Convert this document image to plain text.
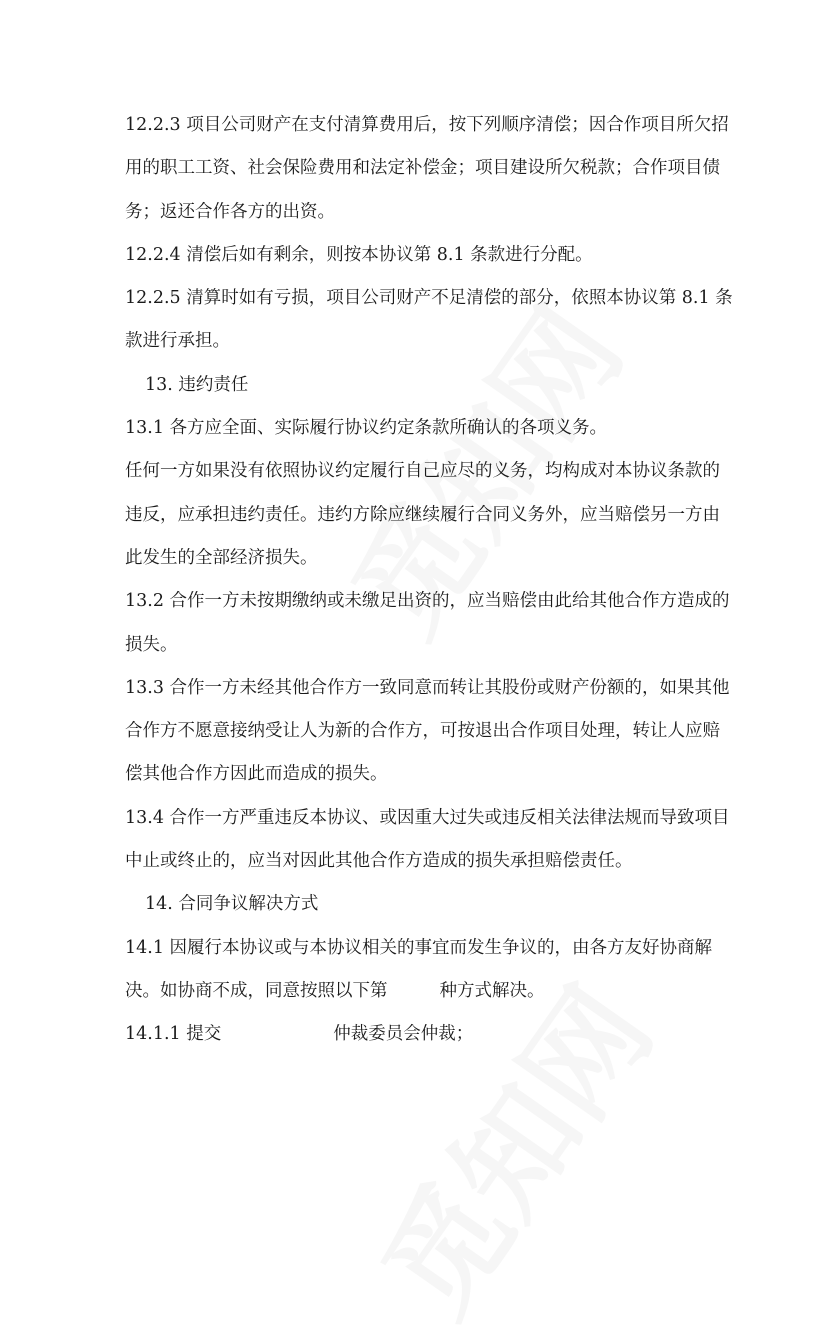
12.2.3 项目公司财产在支付清算费用后，按下列顺序清偿；因合作项目所欠招
用的职工工资、社会保险费用和法定补偿金；项目建设所欠税款；合作项目债
务；返还合作各方的出资。
12.2.4 清偿后如有剩余，则按本协议第 8.1 条款进行分配。
12.2.5 清算时如有亏损，项目公司财产不足清偿的部分，依照本协议第 8.1 条
款进行承担。
13. 违约责任
13.1 各方应全面、实际履行协议约定条款所确认的各项义务。
任何一方如果没有依照协议约定履行自己应尽的义务，均构成对本协议条款的
违反，应承担违约责任。违约方除应继续履行合同义务外，应当赔偿另一方由
此发生的全部经济损失。
13.2 合作一方未按期缴纳或未缴足出资的，应当赔偿由此给其他合作方造成的
损失。
13.3 合作一方未经其他合作方一致同意而转让其股份或财产份额的，如果其他
合作方不愿意接纳受让人为新的合作方，可按退出合作项目处理，转让人应赔
偿其他合作方因此而造成的损失。
13.4 合作一方严重违反本协议、或因重大过失或违反相关法律法规而导致项目
中止或终止的，应当对因此其他合作方造成的损失承担赔偿责任。
14. 合同争议解决方式
14.1 因履行本协议或与本协议相关的事宜而发生争议的，由各方友好协商解
决。如协商不成，同意按照以下第	种方式解决。
14.1.1 提交	仲裁委员会仲裁；
